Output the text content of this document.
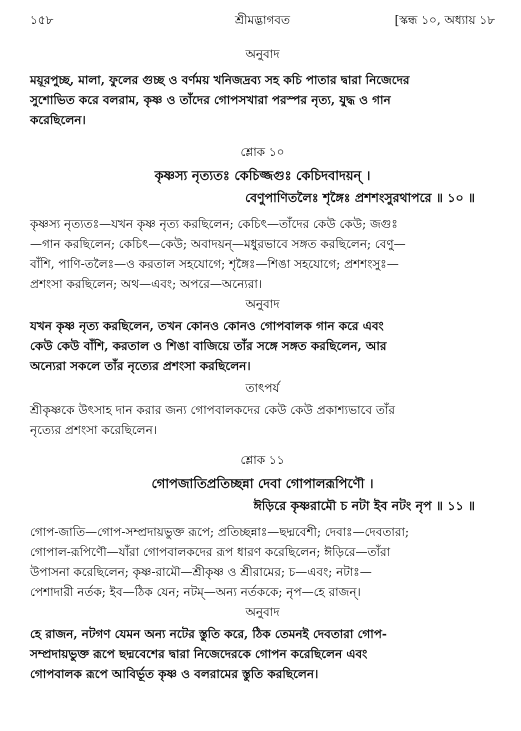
১৫৮	শ্রীমদ্ভাগবত	[স্কন্ধ ১০, অধ্যায় ১৮

অনুবাদ

ময়ূরপুচ্ছ, মালা, ফুলের গুচ্ছ ও বর্ণময় খনিজদ্রব্য সহ কচি পাতার দ্বারা নিজেদের

সুশোভিত করে বলরাম, কৃষ্ণ ও তাঁদের গোপসখারা পরস্পর নৃত্য, যুদ্ধ ও গান

করেছিলেন।

শ্লোক ১০

কৃষ্ণস্য নৃত্যতঃ কেচিজ্জগুঃ কেচিদবাদয়ন্ ।

বেণুপাণিতলৈঃ শৃঙ্গৈঃ প্রশশংসুরথাপরে ॥ ১০ ॥

কৃষ্ণস্য নৃত্যতঃ—যখন কৃষ্ণ নৃত্য করছিলেন; কেচিৎ—তাঁদের কেউ কেউ; জগুঃ

—গান করছিলেন; কেচিৎ—কেউ; অবাদয়ন্—মধুরভাবে সঙ্গত করছিলেন; বেণু—

বাঁশি, পাণি-তলৈঃ—ও করতাল সহযোগে; শৃঙ্গৈঃ—শিঙা সহযোগে; প্রশশংসুঃ—

প্রশংসা করছিলেন; অথ—এবং; অপরে—অন্যেরা।

অনুবাদ

যখন কৃষ্ণ নৃত্য করছিলেন, তখন কোনও কোনও গোপবালক গান করে এবং

কেউ কেউ বাঁশি, করতাল ও শিঙা বাজিয়ে তাঁর সঙ্গে সঙ্গত করছিলেন, আর

অন্যেরা সকলে তাঁর নৃত্যের প্রশংসা করছিলেন।

তাৎপর্য

শ্রীকৃষ্ণকে উৎসাহ দান করার জন্য গোপবালকদের কেউ কেউ প্রকাশ্যভাবে তাঁর

নৃত্যের প্রশংসা করেছিলেন।

শ্লোক ১১

গোপজাতিপ্রতিচ্ছন্না দেবা গোপালরূপিণৌ ।

ঈড়িরে কৃষ্ণরামৌ চ নটা ইব নটং নৃপ ॥ ১১ ॥

গোপ-জাতি—গোপ-সম্প্রদায়ভুক্ত রূপে; প্রতিচ্ছন্নাঃ—ছদ্মবেশী; দেবাঃ—দেবতারা;

গোপাল-রূপিণৌ—যাঁরা গোপবালকদের রূপ ধারণ করেছিলেন; ঈড়িরে—তাঁরা

উপাসনা করেছিলেন; কৃষ্ণ-রামৌ—শ্রীকৃষ্ণ ও শ্রীরামের; চ—এবং; নটাঃ—

পেশাদারী নর্তক; ইব—ঠিক যেন; নটম্—অন্য নর্তককে; নৃপ—হে রাজন্।

অনুবাদ

হে রাজন, নটগণ যেমন অন্য নটের স্তুতি করে, ঠিক তেমনই দেবতারা গোপ-

সম্প্রদায়ভুক্ত রূপে ছদ্মবেশের দ্বারা নিজেদেরকে গোপন করেছিলেন এবং

গোপবালক রূপে আবির্ভূত কৃষ্ণ ও বলরামের স্তুতি করছিলেন।
